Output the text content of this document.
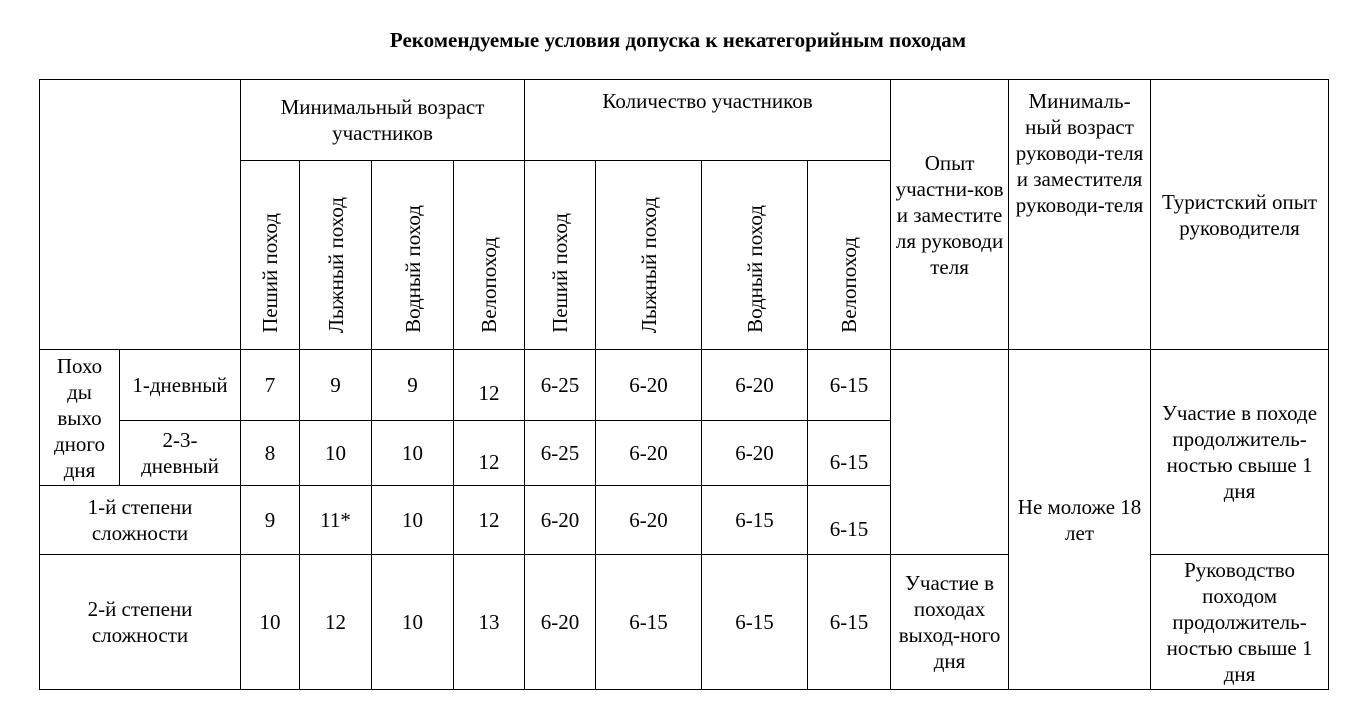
Рекомендуемые условия допуска к некатегорийным походам
		Минимальный возраст участников				Количество участников				Опыт участни-ков и заместите ля руководи теля	Минималь-ный возраст руководи-теля и заместителя руководи-теля	Туристский опыт руководителя
		Пеший поход	Лыжный поход	Водный поход	Велопоход	Пеший поход	Лыжный поход	Водный поход	Велопоход			
Похо ды выхо дного дня	1-дневный	7	9	9	12	6-25	6-20	6-20	6-15		Не моложе 18 лет	Участие в походе продолжитель-ностью свыше 1 дня
	2-3-дневный	8	10	10	12	6-25	6-20	6-20	6-15			
1-й степени сложности		9	11*	10	12	6-20	6-20	6-15	6-15			
2-й степени сложности		10	12	10	13	6-20	6-15	6-15	6-15	Участие в походах выход-ного дня		Руководство походом продолжитель-ностью свыше 1 дня
